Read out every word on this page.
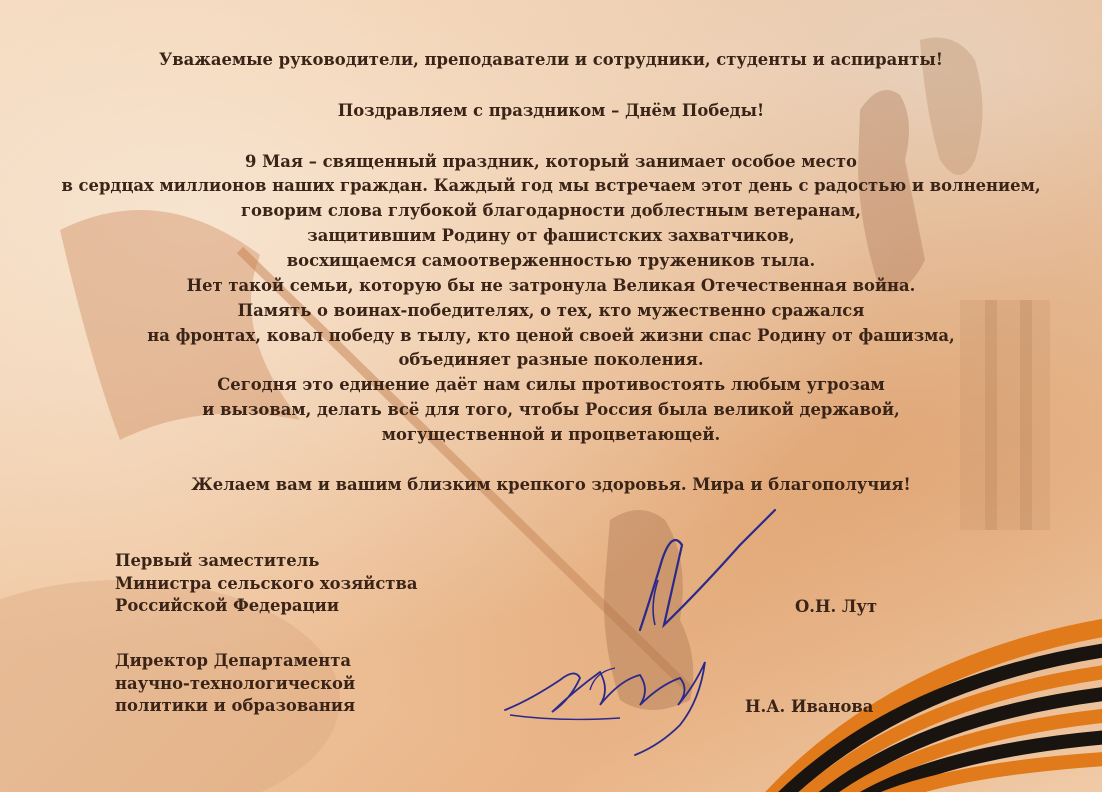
Уважаемые руководители, преподаватели и сотрудники, студенты и аспиранты!
Поздравляем с праздником – Днём Победы!
9 Мая – священный праздник, который занимает особое место
в сердцах миллионов наших граждан. Каждый год мы встречаем этот день с радостью и волнением,
говорим слова глубокой благодарности доблестным ветеранам,
защитившим Родину от фашистских захватчиков,
восхищаемся самоотверженностью тружеников тыла.
Нет такой семьи, которую бы не затронула Великая Отечественная война.
Память о воинах-победителях, о тех, кто мужественно сражался
на фронтах, ковал победу в тылу, кто ценой своей жизни спас Родину от фашизма,
объединяет разные поколения.
Сегодня это единение даёт нам силы противостоять любым угрозам
и вызовам, делать всё для того, чтобы Россия была великой державой,
могущественной и процветающей.
Желаем вам и вашим близким крепкого здоровья. Мира и благополучия!
Первый заместитель
Министра сельского хозяйства
Российской Федерации	О.Н. Лут
Директор Департамента
научно-технологической
политики и образования	Н.А. Иванова
